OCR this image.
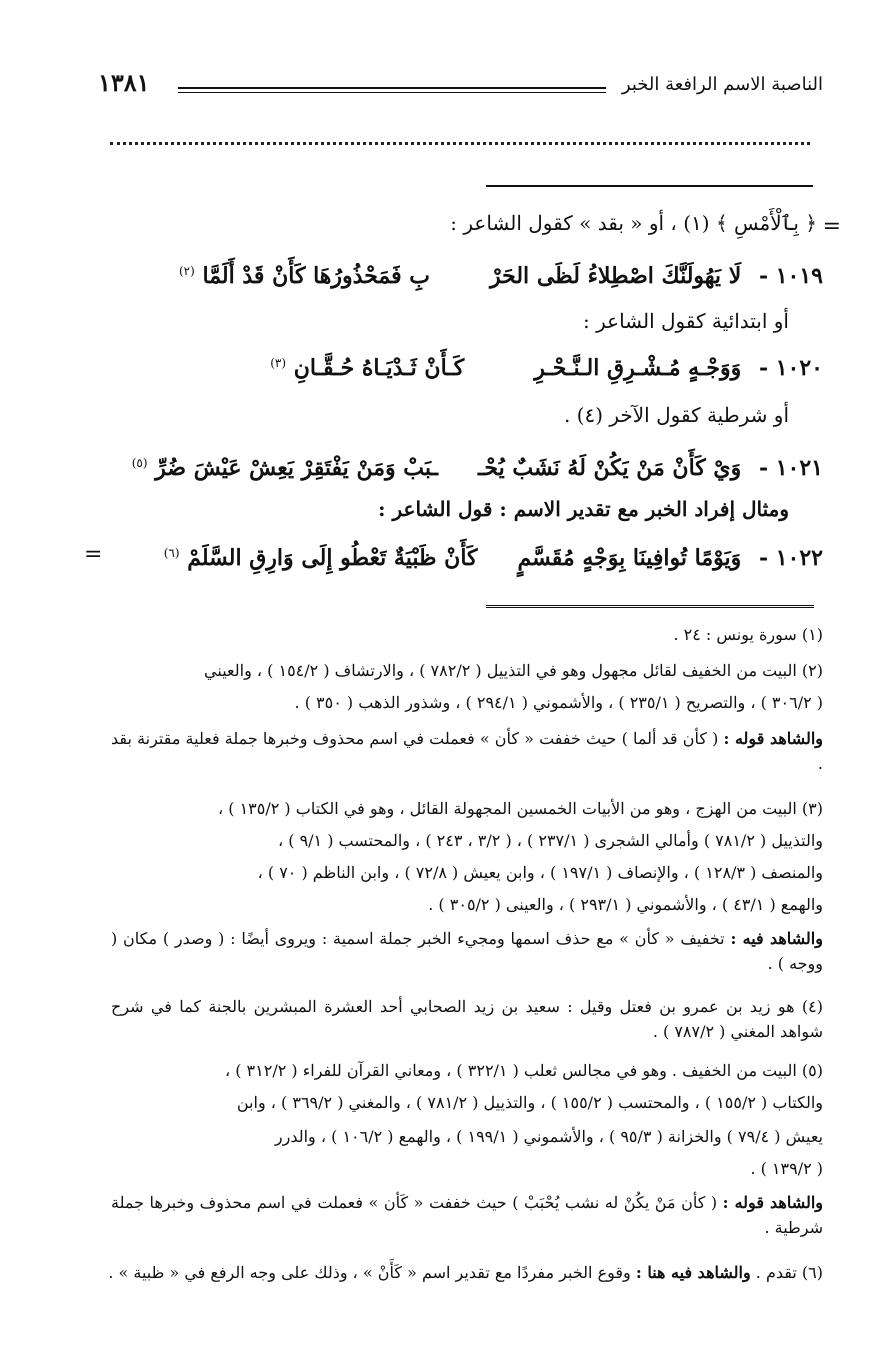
الناصبة الاسم الرافعة الخبر
١٣٨١
=
﴿ بِٱلْأَمْسِ ﴾ (١) ، أو « بقد » كقول الشاعر :
١٠١٩ - لَا يَهُولَنَّكَ اصْطِلاءُ لَظَى الحَرْبِ فَمَحْذُورُهَا كَأَنْ قَدْ أَلَمَّا $^{(٢)}$
أو ابتدائية كقول الشاعر :
١٠٢٠ - وَوَجْـهٍ مُـشْـرِقِ الـنَّـحْـرِكَـأَنْ ثَـدْيَـاهُ حُـقَّـانِ $^{(٣)}$
أو شرطية كقول الآخر (٤) .
١٠٢١ - وَيْ كَأَنْ مَنْ يَكُنْ لَهُ نَشَبٌ يُحْــبَبْ وَمَنْ يَفْتَقِرْ يَعِشْ عَيْشَ ضُرِّ $^{(٥)}$
ومثال إفراد الخبر مع تقدير الاسم : قول الشاعر :
١٠٢٢ - وَيَوْمًا تُوافِينَا بِوَجْهٍ مُقَسَّمٍكَأَنْ ظَبْيَةٌ تَعْطُو إِلَى وَارِقِ السَّلَمْ $^{(٦)}$
=
(١) سورة يونس : ٢٤ .
(٢) البيت من الخفيف لقائل مجهول وهو في التذييل ( ٧٨٢/٢ ) ، والارتشاف ( ١٥٤/٢ ) ، والعيني
( ٣٠٦/٢ ) ، والتصريح ( ٢٣٥/١ ) ، والأشموني ( ٢٩٤/١ ) ، وشذور الذهب ( ٣٥٠ ) .
والشاهد قوله : ( كأن قد ألما ) حيث خففت « كأن » فعملت في اسم محذوف وخبرها جملة فعلية مقترنة بقد .
(٣) البيت من الهزج ، وهو من الأبيات الخمسين المجهولة القائل ، وهو في الكتاب ( ١٣٥/٢ ) ،
والتذييل ( ٧٨١/٢ ) وأمالي الشجرى ( ٢٣٧/١ ) ، ( ٣/٢ ، ٢٤٣ ) ، والمحتسب ( ٩/١ ) ،
والمنصف ( ١٢٨/٣ ) ، والإنصاف ( ١٩٧/١ ) ، وابن يعيش ( ٧٢/٨ ) ، وابن الناظم ( ٧٠ ) ،
والهمع ( ٤٣/١ ) ، والأشموني ( ٢٩٣/١ ) ، والعينى ( ٣٠٥/٢ ) .
والشاهد فيه : تخفيف « كأن » مع حذف اسمها ومجيء الخبر جملة اسمية : ويروى أيضًا : ( وصدر ) مكان ( ووجه ) .
(٤) هو زيد بن عمرو بن فعتل وقيل : سعيد بن زيد الصحابي أحد العشرة المبشرين بالجنة كما في شرح شواهد المغني ( ٧٨٧/٢ ) .
(٥) البيت من الخفيف . وهو في مجالس ثعلب ( ٣٢٢/١ ) ، ومعاني القرآن للفراء ( ٣١٢/٢ ) ،
والكتاب ( ١٥٥/٢ ) ، والمحتسب ( ١٥٥/٢ ) ، والتذييل ( ٧٨١/٢ ) ، والمغني ( ٣٦٩/٢ ) ، وابن
يعيش ( ٧٩/٤ ) والخزانة ( ٩٥/٣ ) ، والأشموني ( ١٩٩/١ ) ، والهمع ( ١٠٦/٢ ) ، والدرر
( ١٣٩/٢ ) .
والشاهد قوله : ( كأن مَنْ يكُنْ له نشب يُحْبَبْ ) حيث خففت « كَأن » فعملت في اسم محذوف وخبرها جملة شرطية .
(٦) تقدم . والشاهد فيه هنا : وقوع الخبر مفردًا مع تقدير اسم « كَأَنْ » ، وذلك على وجه الرفع في « ظبية » .
